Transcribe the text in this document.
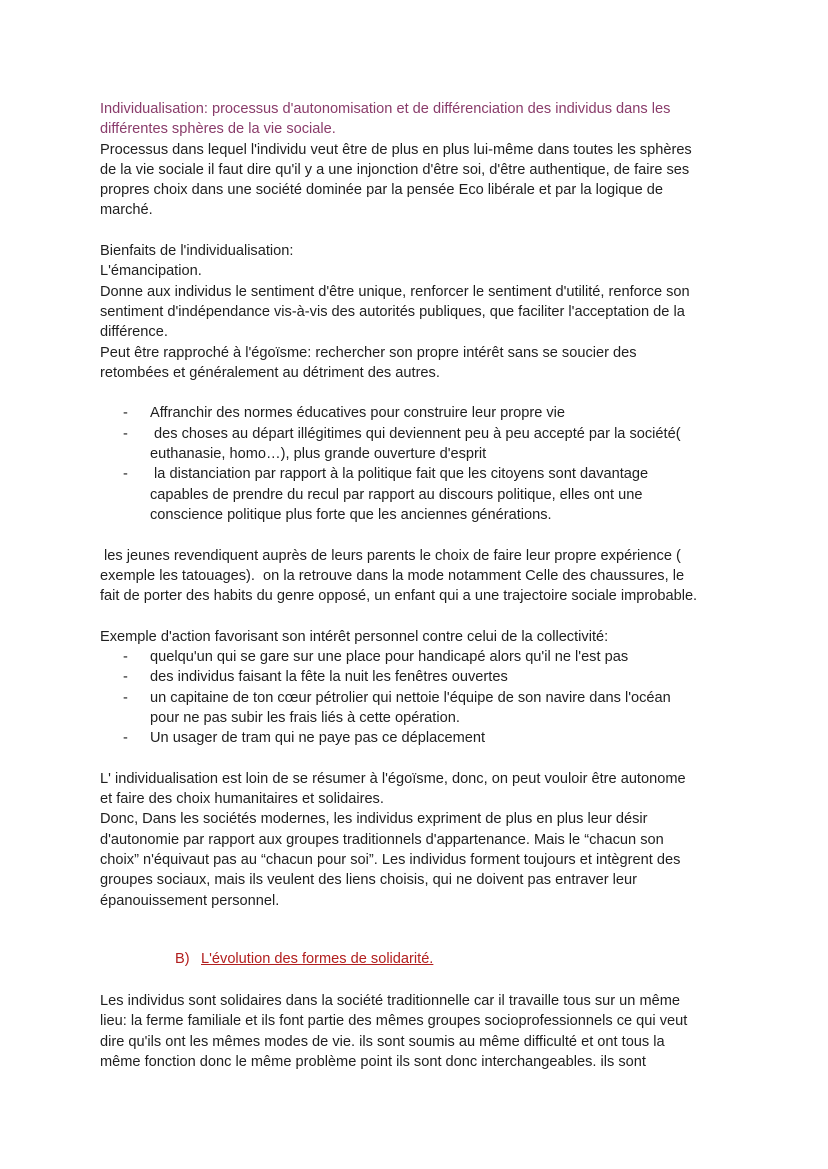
Individualisation: processus d'autonomisation et de différenciation des individus dans les

différentes sphères de la vie sociale.

Processus dans lequel l'individu veut être de plus en plus lui-même dans toutes les sphères

de la vie sociale il faut dire qu'il y a une injonction d'être soi, d'être authentique, de faire ses

propres choix dans une société dominée par la pensée Eco libérale et par la logique de

marché.

Bienfaits de l'individualisation:

L'émancipation.

Donne aux individus le sentiment d'être unique, renforcer le sentiment d'utilité, renforce son

sentiment d'indépendance vis-à-vis des autorités publiques, que faciliter l'acceptation de la

différence.

Peut être rapproché à l'égoïsme: rechercher son propre intérêt sans se soucier des

retombées et généralement au détriment des autres.

- Affranchir des normes éducatives pour construire leur propre vie
-  des choses au départ illégitimes qui deviennent peu à peu accepté par la société(
euthanasie, homo…), plus grande ouverture d'esprit
-  la distanciation par rapport à la politique fait que les citoyens sont davantage
capables de prendre du recul par rapport au discours politique, elles ont une
conscience politique plus forte que les anciennes générations.

les jeunes revendiquent auprès de leurs parents le choix de faire leur propre expérience (

exemple les tatouages).  on la retrouve dans la mode notamment Celle des chaussures, le

fait de porter des habits du genre opposé, un enfant qui a une trajectoire sociale improbable.

Exemple d'action favorisant son intérêt personnel contre celui de la collectivité:

- quelqu'un qui se gare sur une place pour handicapé alors qu'il ne l'est pas
- des individus faisant la fête la nuit les fenêtres ouvertes
- un capitaine de ton cœur pétrolier qui nettoie l'équipe de son navire dans l'océan
pour ne pas subir les frais liés à cette opération.
- Un usager de tram qui ne paye pas ce déplacement

L' individualisation est loin de se résumer à l'égoïsme, donc, on peut vouloir être autonome

et faire des choix humanitaires et solidaires.

Donc, Dans les sociétés modernes, les individus expriment de plus en plus leur désir

d'autonomie par rapport aux groupes traditionnels d'appartenance. Mais le “chacun son

choix” n'équivaut pas au “chacun pour soi”. Les individus forment toujours et intègrent des

groupes sociaux, mais ils veulent des liens choisis, qui ne doivent pas entraver leur

épanouissement personnel.

B) L'évolution des formes de solidarité.

Les individus sont solidaires dans la société traditionnelle car il travaille tous sur un même

lieu: la ferme familiale et ils font partie des mêmes groupes socioprofessionnels ce qui veut

dire qu'ils ont les mêmes modes de vie. ils sont soumis au même difficulté et ont tous la

même fonction donc le même problème point ils sont donc interchangeables. ils sont
